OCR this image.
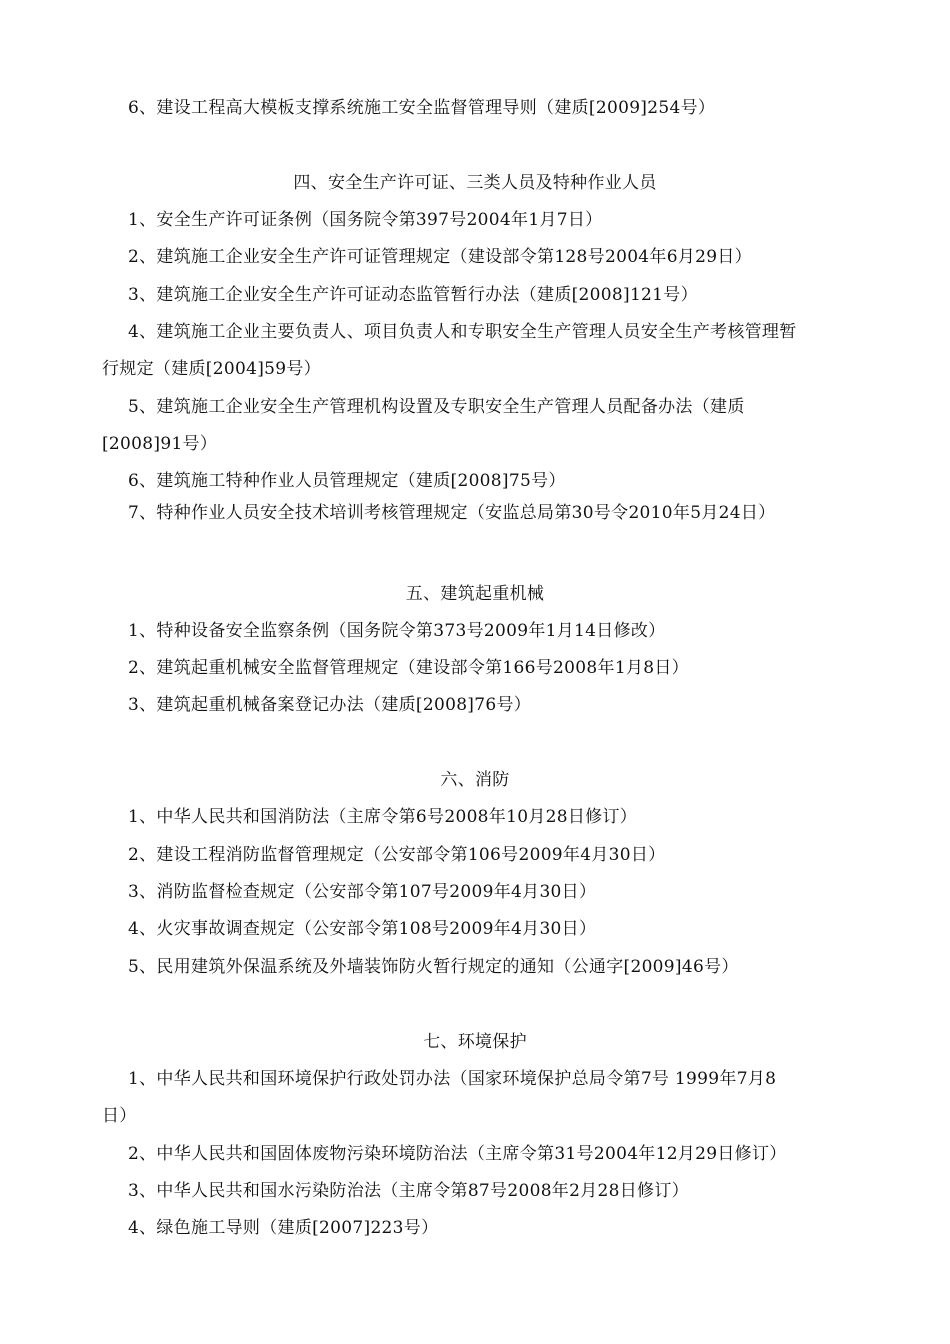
6、建设工程高大模板支撑系统施工安全监督管理导则（建质[2009]254号）
四、安全生产许可证、三类人员及特种作业人员
1、安全生产许可证条例（国务院令第397号2004年1月7日）
2、建筑施工企业安全生产许可证管理规定（建设部令第128号2004年6月29日）
3、建筑施工企业安全生产许可证动态监管暂行办法（建质[2008]121号）
4、建筑施工企业主要负责人、项目负责人和专职安全生产管理人员安全生产考核管理暂
行规定（建质[2004]59号）
5、建筑施工企业安全生产管理机构设置及专职安全生产管理人员配备办法（建质
[2008]91号）
6、建筑施工特种作业人员管理规定（建质[2008]75号）
7、特种作业人员安全技术培训考核管理规定（安监总局第30号令2010年5月24日）
五、建筑起重机械
1、特种设备安全监察条例（国务院令第373号2009年1月14日修改）
2、建筑起重机械安全监督管理规定（建设部令第166号2008年1月8日）
3、建筑起重机械备案登记办法（建质[2008]76号）
六、消防
1、中华人民共和国消防法（主席令第6号2008年10月28日修订）
2、建设工程消防监督管理规定（公安部令第106号2009年4月30日）
3、消防监督检查规定（公安部令第107号2009年4月30日）
4、火灾事故调查规定（公安部令第108号2009年4月30日）
5、民用建筑外保温系统及外墙装饰防火暂行规定的通知（公通字[2009]46号）
七、环境保护
1、中华人民共和国环境保护行政处罚办法（国家环境保护总局令第7号 1999年7月8
日）
2、中华人民共和国固体废物污染环境防治法（主席令第31号2004年12月29日修订）
3、中华人民共和国水污染防治法（主席令第87号2008年2月28日修订）
4、绿色施工导则（建质[2007]223号）
